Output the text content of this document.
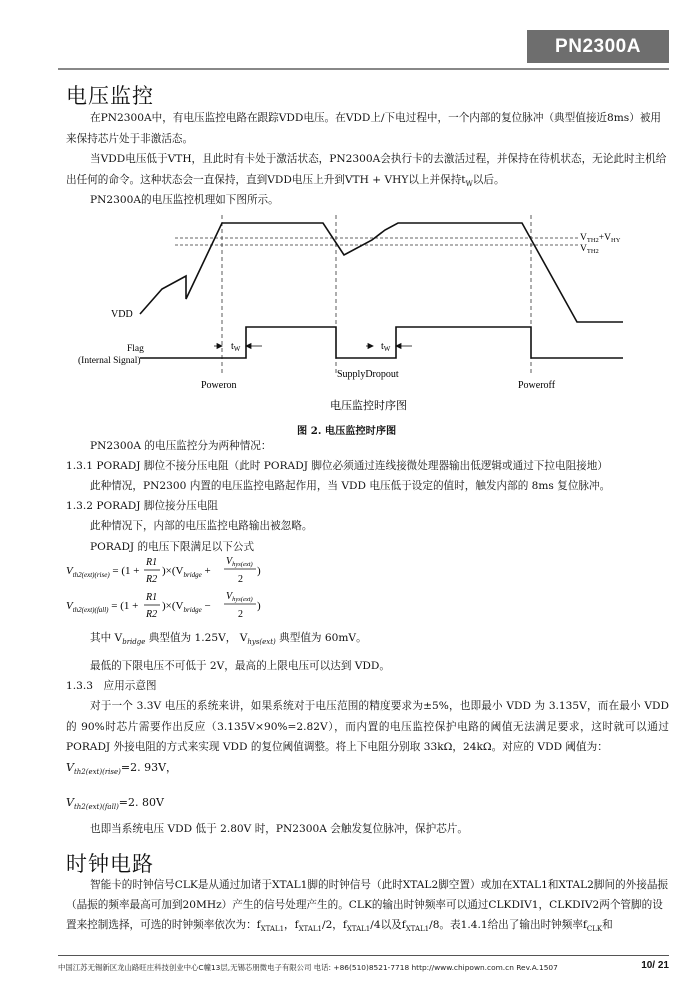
PN2300A
电压监控

在PN2300A中，有电压监控电路在跟踪VDD电压。在VDD上/下电过程中，一个内部的复位脉冲（典型值接近8ms）被用来保持芯片处于非激活态。

当VDD电压低于VTH，且此时有卡处于激活状态，PN2300A会执行卡的去激活过程，并保持在待机状态，无论此时主机给出任何的命令。这种状态会一直保持，直到VDD电压上升到VTH + VHY以上并保持$t_W$以后。

PN2300A的电压监控机理如下图所示。

$t_W$	$t_W$
$V_{TH2}+V_{HY}$
$V_{TH2}$
VDD
Flag
(Internal Signal)
Poweron
SupplyDropout
Poweroff
电压监控时序图
图 2. 电压监控时序图

PN2300A 的电压监控分为两种情况：

1.3.1 PORADJ 脚位不接分压电阻（此时 PORADJ 脚位必须通过连线接微处理器输出低逻辑或通过下拉电阻接地）

此种情况，PN2300 内置的电压监控电路起作用，当 VDD 电压低于设定的值时，触发内部的 8ms 复位脉冲。

1.3.2 PORADJ 脚位接分压电阻

此种情况下，内部的电压监控电路输出被忽略。

PORADJ 的电压下限满足以下公式

$V_{th2(ext)(rise)} = (1$ +
R1
R2
)$\times(V_{bridge}$ +
$V_{hys(ext)}$
2
)
$V_{th2(ext)(fall)} = (1$ +
R1
R2
)$\times(V_{bridge}$ −
$V_{hys(ext)}$
2
)

其中 $V_{bridge}$ 典型值为 1.25V， $V_{hys(ext)}$ 典型值为 60mV。

最低的下限电压不可低于 2V，最高的上限电压可以达到 VDD。

1.3.3　应用示意图

对于一个 3.3V 电压的系统来讲，如果系统对于电压范围的精度要求为±5%，也即最小 VDD 为 3.135V，而在最小 VDD 的 90%时芯片需要作出反应（3.135V×90%=2.82V），而内置的电压监控保护电路的阈值无法满足要求，这时就可以通过 PORADJ 外接电阻的方式来实现 VDD 的复位阈值调整。将上下电阻分别取 33kΩ，24kΩ。对应的 VDD 阈值为：

$V_{th2(ext)(rise)}=2$. 93V，
$V_{th2(ext)(fall)}=2$. 80V

也即当系统电压 VDD 低于 2.80V 时，PN2300A 会触发复位脉冲，保护芯片。

时钟电路

智能卡的时钟信号CLK是从通过加诸于XTAL1脚的时钟信号（此时XTAL2脚空置）或加在XTAL1和XTAL2脚间的外接晶振（晶振的频率最高可加到20MHz）产生的信号处理产生的。CLK的输出时钟频率可以通过CLKDIV1，CLKDIV2两个管脚的设置来控制选择，可选的时钟频率依次为：$f_{XTAL1}$，$f_{XTAL1}/2$，$f_{XTAL1}/4$以及$f_{XTAL1}/8$。表1.4.1给出了输出时钟频率$f_{CLK}$和

中国江苏无锡新区龙山路旺庄科技创业中心C幢13层,无锡芯朋微电子有限公司 电话: +86(510)8521-7718 http://www.chipown.com.cn Rev.A.1507	10/ 21
